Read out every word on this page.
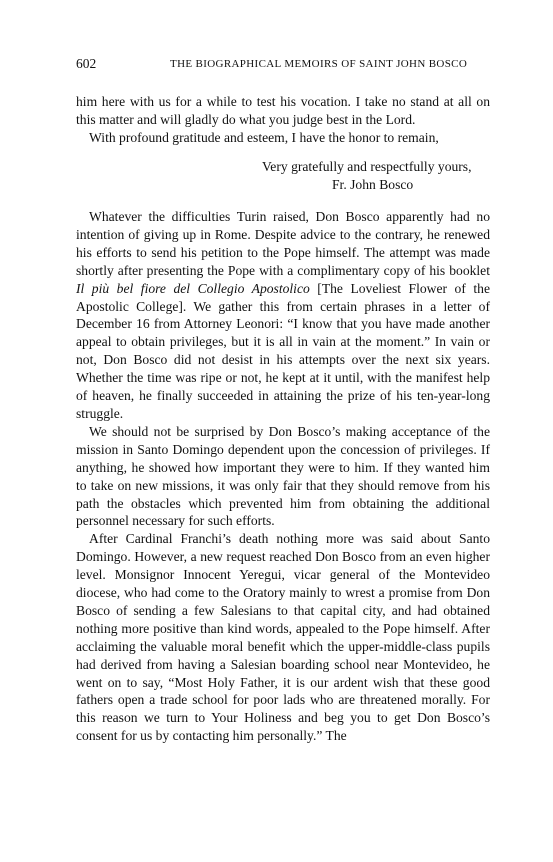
602	THE BIOGRAPHICAL MEMOIRS OF SAINT JOHN BOSCO

him here with us for a while to test his vocation. I take no stand at all on this matter and will gladly do what you judge best in the Lord.

With profound gratitude and esteem, I have the honor to remain,

Very gratefully and respectfully yours,
Fr. John Bosco

Whatever the difficulties Turin raised, Don Bosco apparently had no intention of giving up in Rome. Despite advice to the contrary, he renewed his efforts to send his petition to the Pope himself. The attempt was made shortly after presenting the Pope with a complimentary copy of his booklet Il più bel fiore del Collegio Apostolico [The Loveliest Flower of the Apostolic College]. We gather this from certain phrases in a letter of December 16 from Attorney Leonori: “I know that you have made another appeal to obtain privileges, but it is all in vain at the moment.” In vain or not, Don Bosco did not desist in his attempts over the next six years. Whether the time was ripe or not, he kept at it until, with the manifest help of heaven, he finally succeeded in attaining the prize of his ten-year-long struggle.

We should not be surprised by Don Bosco’s making acceptance of the mission in Santo Domingo dependent upon the concession of privileges. If anything, he showed how important they were to him. If they wanted him to take on new missions, it was only fair that they should remove from his path the obstacles which prevented him from obtaining the additional personnel necessary for such efforts.

After Cardinal Franchi’s death nothing more was said about Santo Domingo. However, a new request reached Don Bosco from an even higher level. Monsignor Innocent Yeregui, vicar general of the Montevideo diocese, who had come to the Oratory mainly to wrest a promise from Don Bosco of sending a few Salesians to that capital city, and had obtained nothing more positive than kind words, appealed to the Pope himself. After acclaiming the valuable moral benefit which the upper-middle-class pupils had derived from having a Salesian boarding school near Montevideo, he went on to say, “Most Holy Father, it is our ardent wish that these good fathers open a trade school for poor lads who are threatened morally. For this reason we turn to Your Holiness and beg you to get Don Bosco’s consent for us by contacting him personally.” The
